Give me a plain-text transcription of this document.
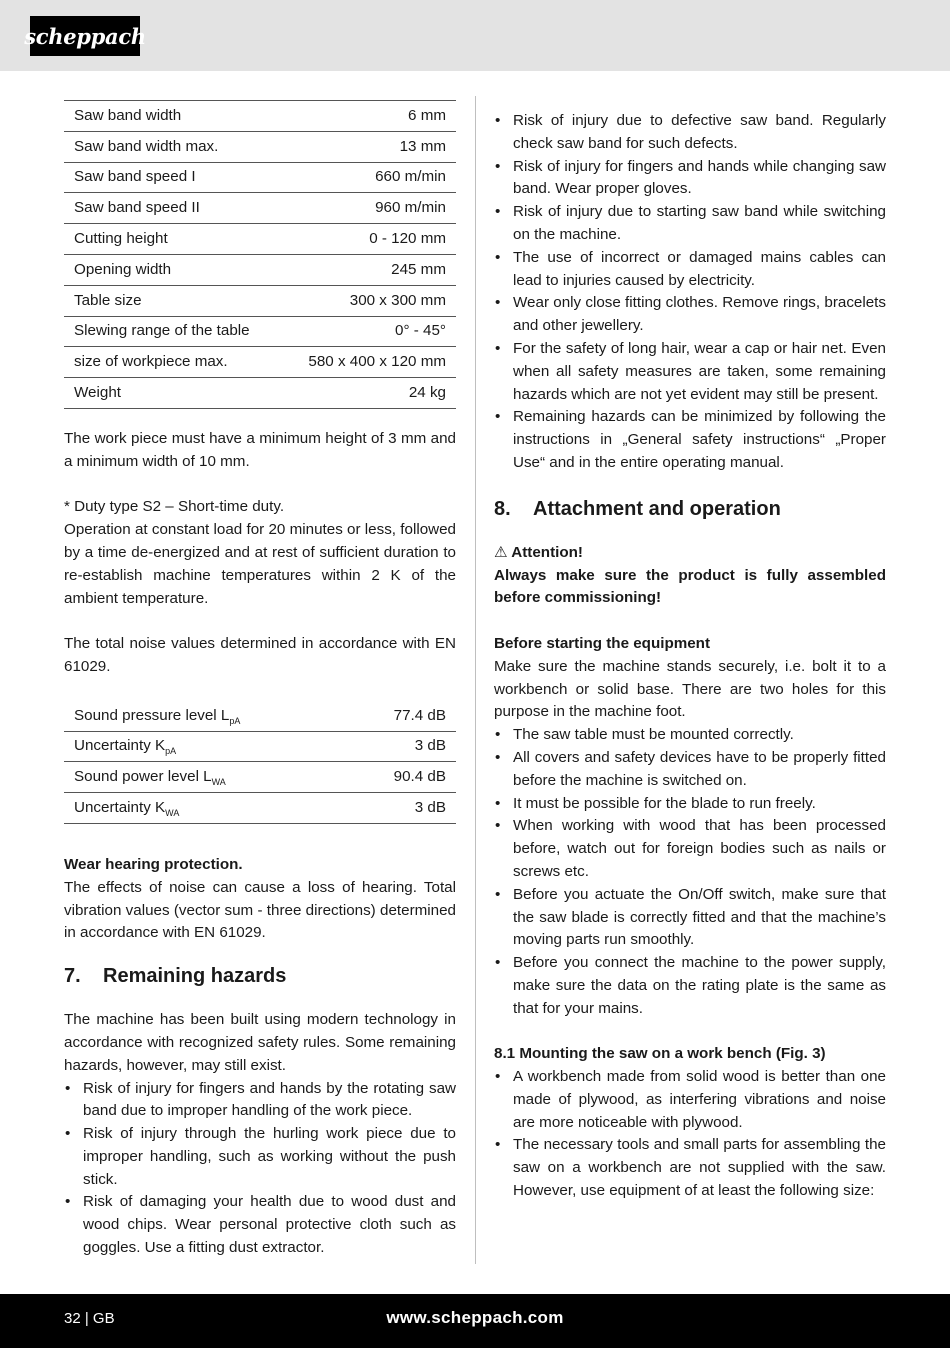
scheppach
Saw band width	6 mm
Saw band width max.	13 mm
Saw band speed I	660 m/min
Saw band speed II	960 m/min
Cutting height	0 - 120 mm
Opening width	245 mm
Table size	300 x 300 mm
Slewing range of the table	0° - 45°
size of workpiece max.	580 x 400 x 120 mm
Weight	24 kg

The work piece must have a minimum height of 3 mm and a minimum width of 10 mm.

* Duty type S2 – Short-time duty.

Operation at constant load for 20 minutes or less, followed by a time de-energized and at rest of sufficient duration to re-establish machine temperatures within 2 K of the ambient temperature.

The total noise values determined in accordance with EN 61029.

Sound pressure level $L_{pA}$	77.4 dB
Uncertainty $K_{pA}$	3 dB
Sound power level $L_{WA}$	90.4 dB
Uncertainty $K_{WA}$	3 dB

Wear hearing protection.

The effects of noise can cause a loss of hearing. Total vibration values (vector sum - three directions) determined in accordance with EN 61029.

7.	Remaining hazards

The machine has been built using modern technology in accordance with recognized safety rules. Some remaining hazards, however, may still exist.

• Risk of injury for fingers and hands by the rotating saw band due to improper handling of the work piece.
• Risk of injury through the hurling work piece due to improper handling, such as working without the push stick.
• Risk of damaging your health due to wood dust and wood chips. Wear personal protective cloth such as goggles. Use a fitting dust extractor.
• Risk of injury due to defective saw band. Regularly check saw band for such defects.
• Risk of injury for fingers and hands while changing saw band. Wear proper gloves.
• Risk of injury due to starting saw band while switching on the machine.
• The use of incorrect or damaged mains cables can lead to injuries caused by electricity.
• Wear only close fitting clothes. Remove rings, bracelets and other jewellery.
• For the safety of long hair, wear a cap or hair net. Even when all safety measures are taken, some remaining hazards which are not yet evident may still be present.
• Remaining hazards can be minimized by following the instructions in „General safety instructions“ „Proper Use“ and in the entire operating manual.
8.	Attachment and operation

⚠ Attention!

Always make sure the product is fully assembled before commissioning!

Before starting the equipment

Make sure the machine stands securely, i.e. bolt it to a workbench or solid base. There are two holes for this purpose in the machine foot.

• The saw table must be mounted correctly.
• All covers and safety devices have to be properly fitted before the machine is switched on.
• It must be possible for the blade to run freely.
• When working with wood that has been processed before, watch out for foreign bodies such as nails or screws etc.
• Before you actuate the On/Off switch, make sure that the saw blade is correctly fitted and that the machine’s moving parts run smoothly.
• Before you connect the machine to the power supply, make sure the data on the rating plate is the same as that for your mains.

8.1 Mounting the saw on a work bench (Fig. 3)

• A workbench made from solid wood is better than one made of plywood, as interfering vibrations and noise are more noticeable with plywood.
• The necessary tools and small parts for assembling the saw on a workbench are not supplied with the saw. However, use equipment of at least the following size:
32 | GB	www.scheppach.com
